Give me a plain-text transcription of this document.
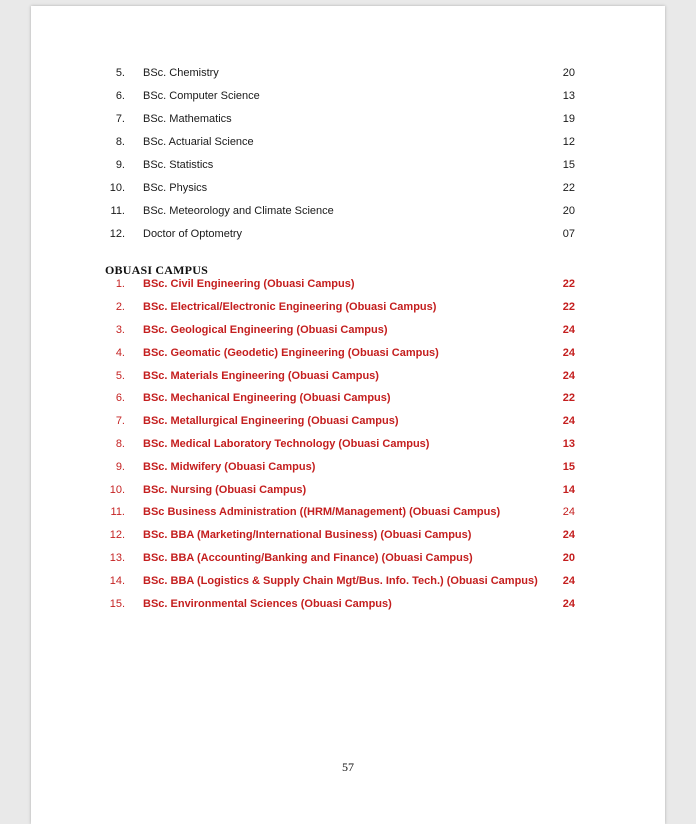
5. BSc. Chemistry	20
6. BSc. Computer Science	13
7. BSc. Mathematics	19
8. BSc. Actuarial Science	12
9. BSc. Statistics	15
10. BSc. Physics	22
11. BSc. Meteorology and Climate Science	20
12. Doctor of Optometry	07
OBUASI CAMPUS
1. BSc. Civil Engineering (Obuasi Campus)	22
2. BSc. Electrical/Electronic Engineering (Obuasi Campus)	22
3. BSc. Geological Engineering (Obuasi Campus)	24
4. BSc. Geomatic (Geodetic) Engineering (Obuasi Campus)	24
5. BSc. Materials Engineering (Obuasi Campus)	24
6. BSc. Mechanical Engineering (Obuasi Campus)	22
7. BSc. Metallurgical Engineering (Obuasi Campus)	24
8. BSc. Medical Laboratory Technology (Obuasi Campus)	13
9. BSc. Midwifery (Obuasi Campus)	15
10. BSc. Nursing (Obuasi Campus)	14
11. BSc Business Administration ((HRM/Management) (Obuasi Campus)	24
12. BSc. BBA (Marketing/International Business) (Obuasi Campus)	24
13. BSc. BBA (Accounting/Banking and Finance) (Obuasi Campus)	20
14. BSc. BBA (Logistics & Supply Chain Mgt/Bus. Info. Tech.) (Obuasi Campus)	24
15. BSc. Environmental Sciences (Obuasi Campus)	24
57
